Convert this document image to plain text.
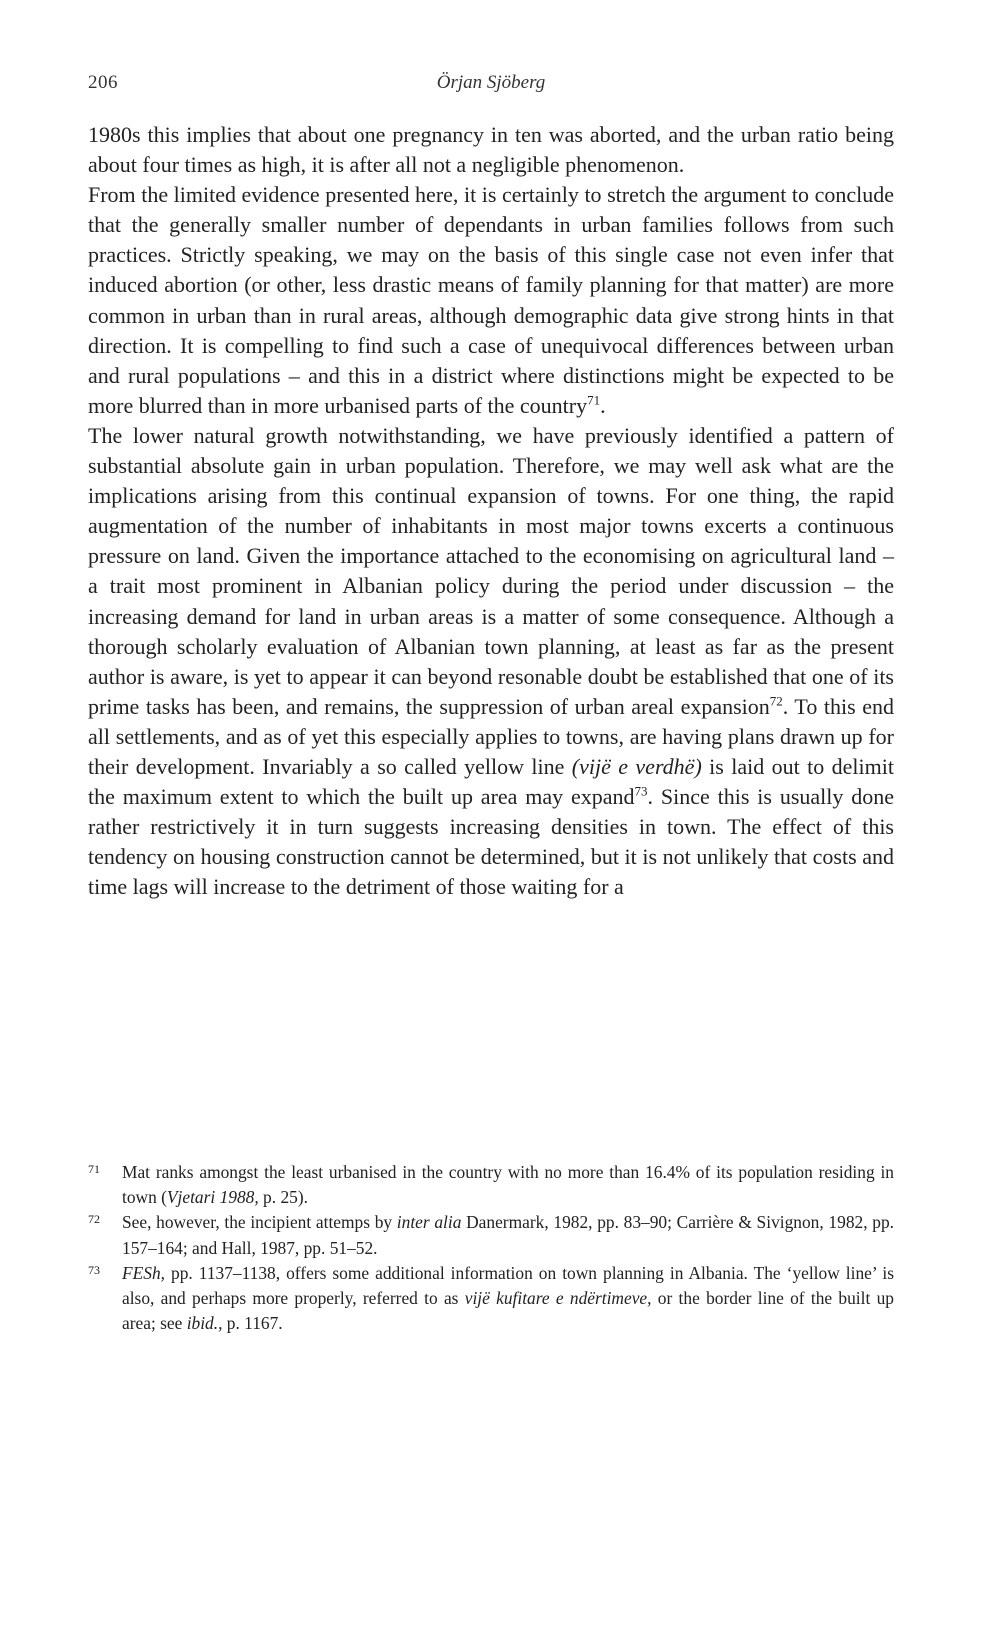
206	Örjan Sjöberg

1980s this implies that about one pregnancy in ten was aborted, and the urban ratio being about four times as high, it is after all not a negligible phenomenon.

From the limited evidence presented here, it is certainly to stretch the argument to conclude that the generally smaller number of dependants in urban families follows from such practices. Strictly speaking, we may on the basis of this single case not even infer that induced abortion (or other, less drastic means of family planning for that matter) are more common in urban than in rural areas, although demographic data give strong hints in that direction. It is compelling to find such a case of unequivocal differences between urban and rural populations – and this in a district where distinctions might be expected to be more blurred than in more urbanised parts of the country$^{71}$.

The lower natural growth notwithstanding, we have previously identified a pattern of substantial absolute gain in urban population. Therefore, we may well ask what are the implications arising from this continual expansion of towns. For one thing, the rapid augmentation of the number of inhabitants in most major towns excerts a continuous pressure on land. Given the importance attached to the economising on agricultural land – a trait most prominent in Albanian policy during the period under discussion – the increasing demand for land in urban areas is a matter of some consequence. Although a thorough scholarly evaluation of Albanian town planning, at least as far as the present author is aware, is yet to appear it can beyond resonable doubt be established that one of its prime tasks has been, and remains, the suppression of urban areal expansion$^{72}$. To this end all settlements, and as of yet this especially applies to towns, are having plans drawn up for their development. Invariably a so called yellow line (vijë e verdhë) is laid out to delimit the maximum extent to which the built up area may expand$^{73}$. Since this is usually done rather restrictively it in turn suggests increasing densities in town. The effect of this tendency on housing construction cannot be determined, but it is not unlikely that costs and time lags will increase to the detriment of those waiting for a

71 Mat ranks amongst the least urbanised in the country with no more than 16.4% of its population residing in town (Vjetari 1988, p. 25).

72 See, however, the incipient attemps by inter alia Danermark, 1982, pp. 83–90; Carrière & Sivignon, 1982, pp. 157–164; and Hall, 1987, pp. 51–52.

73 FESh, pp. 1137–1138, offers some additional information on town planning in Albania. The ‘yellow line’ is also, and perhaps more properly, referred to as vijë kufitare e ndërtimeve, or the border line of the built up area; see ibid., p. 1167.
